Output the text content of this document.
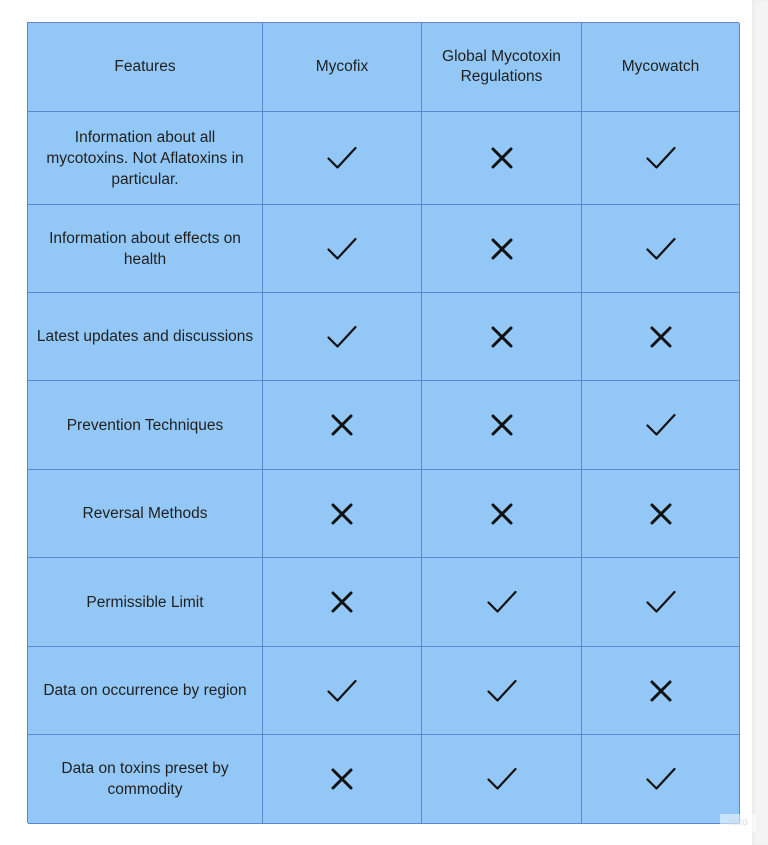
Features	Mycofix
Global Mycotoxin Regulations
Mycowatch
Information about all mycotoxins. Not Aflatoxins in particular.
Information about effects on health
Latest updates and discussions
Prevention Techniques
Reversal Methods
Permissible Limit
Data on occurrence by region
Data on toxins preset by commodity
miro
